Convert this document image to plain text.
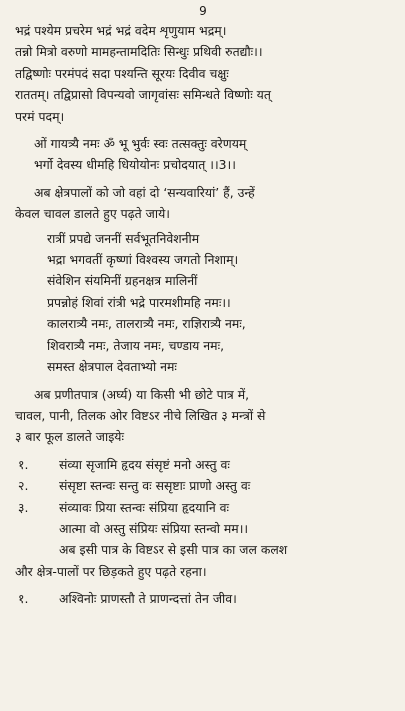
9
भद्रं पश्येम प्रचरेम भद्रं भद्रं वदेम शृणुयाम भद्रम्।
तन्नो मित्रो वरुणो मामहन्तामदितिः सिन्धुः प्रथिवी रुतद्यौः।।
तद्विष्णोः परमंपदं सदा पश्यन्ति सूरयः दिवीव चक्षुः
राततम्। तद्विप्रासो विपन्यवो जागृवांसः समिन्धते विष्णोः यत्
परमं पदम्।
ओं गायत्र्यै नमः ॐ भू भुर्वः स्वः तत्सक्तुः वरेणयम्
भर्गो देवस्य धीमहि धियोयोनः प्रचोदयात् ।।3।।
अब क्षेत्रपालों को जो वहां दो ‘सन्यवारियां’ हैं, उन्हें
केवल चावल डालते हुए पढ़ते जाये।
रात्रीं प्रपद्ये जननीं सर्वभूतनिवेशनीम
भद्रा भगवतीं कृष्णां विश्वस्य जगतो निशाम्।
संवेशिन संयमिनीं ग्रहनक्षत्र मालिनीं
प्रपन्नोहं शिवां रांत्री भद्रे पारमशीमहि नमः।।
कालरात्र्यै नमः, तालरात्र्यै नमः, राज्ञिरात्र्यै नमः,
शिवरात्र्यै नमः, तेजाय नमः, चण्डाय नमः,
समस्त क्षेत्रपाल देवताभ्यो नमः
अब प्रणीतपात्र (अर्घ्य) या किसी भी छोटे पात्र में,
चावल, पानी, तिलक ओर विष्टऽर नीचे लिखित ३ मन्त्रों से
३ बार फूल डालते जाइयेः
१.	संव्या सृजामि हृदय संसृष्टं मनो अस्तु वः
२.	संसृष्टा स्तन्वः सन्तु वः ससृष्टाः प्राणो अस्तु वः
३.	संव्यावः प्रिया स्तन्वः संप्रिया हृदयानि वः
आत्मा वो अस्तु संप्रियः संप्रिया स्तन्वो मम।।
अब इसी पात्र के विष्टऽर से इसी पात्र का जल कलश
और क्षेत्र-पालों पर छिड़कते हुए पढ़ते रहना।
१.	अश्विनोः प्राणस्तौ ते प्राणन्दत्तां तेन जीव।
